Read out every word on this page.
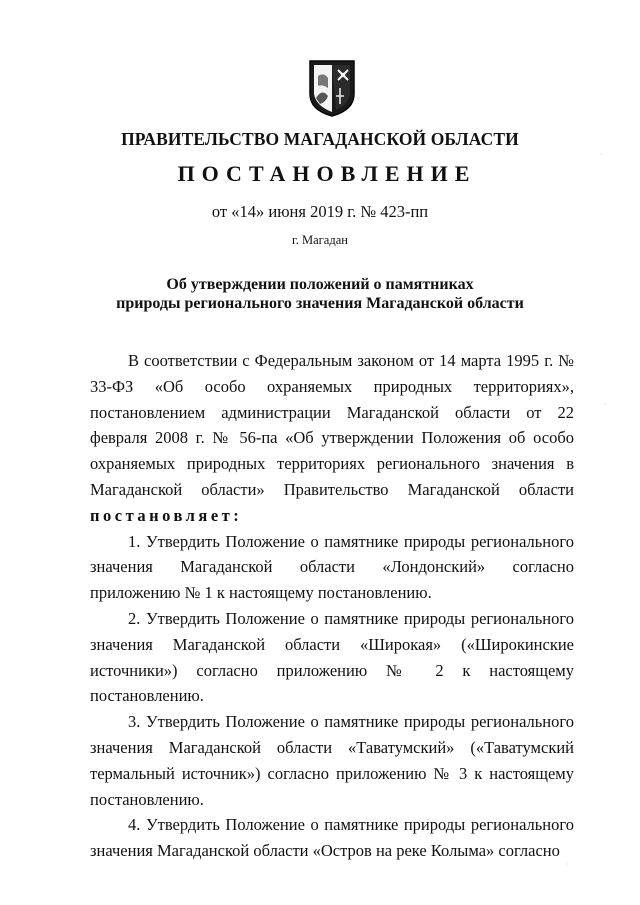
ПРАВИТЕЛЬСТВО МАГАДАНСКОЙ ОБЛАСТИ
ПОСТАНОВЛЕНИЕ
от «14» июня 2019 г. № 423-пп
г. Магадан
Об утверждении положений о памятниках
природы регионального значения Магаданской области

В соответствии с Федеральным законом от 14 марта 1995 г. № 33-ФЗ «Об особо охраняемых природных территориях», постановлением администрации Магаданской области от 22 февраля 2008 г. № 56-па «Об утверждении Положения об особо охраняемых природных территориях регионального значения в Магаданской области» Правительство Магаданской области постановляет:

1. Утвердить Положение о памятнике природы регионального значения Магаданской области «Лондонский» согласно приложению № 1 к настоящему постановлению.

2. Утвердить Положение о памятнике природы регионального значения Магаданской области «Широкая» («Широкинские источники») согласно приложению № 2 к настоящему постановлению.

3. Утвердить Положение о памятнике природы регионального значения Магаданской области «Таватумский» («Таватумский термальный источник») согласно приложению № 3 к настоящему постановлению.

4. Утвердить Положение о памятнике природы регионального значения Магаданской области «Остров на реке Колыма» согласно

·
·
·
